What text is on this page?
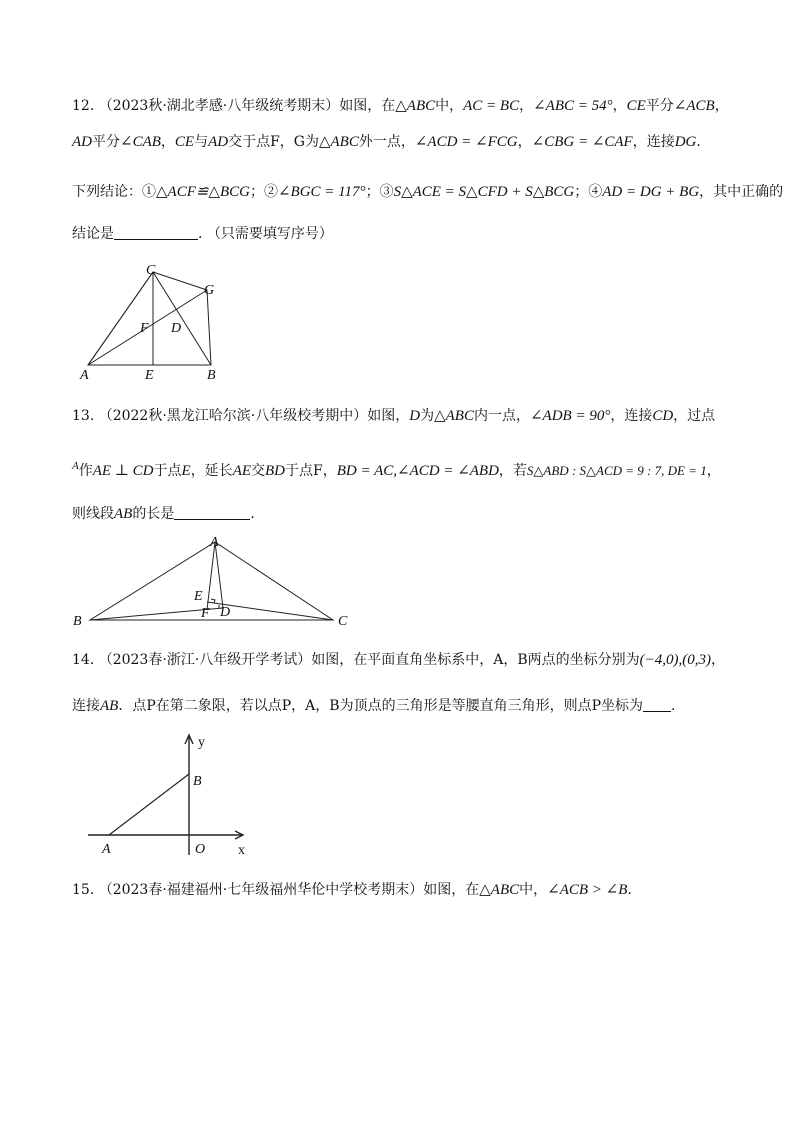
12. （2023秋·湖北孝感·八年级统考期末）如图，在△ABC中，AC = BC，∠ABC = 54°，CE平分∠ACB，
AD平分∠CAB，CE与AD交于点F，G为△ABC外一点，∠ACD = ∠FCG，∠CBG = ∠CAF，连接DG.
下列结论：①△ACF≌△BCG；②∠BGC = 117°；③S△ACE = S△CFD + S△BCG；④AD = DG + BG，其中正确的
结论是	. （只需要填写序号）
C
G
F D
A	E	B
13. （2022秋·黑龙江哈尔滨·八年级校考期中）如图，D为△ABC内一点，∠ADB = 90°，连接CD，过点
$^A$作AE ⊥ CD于点E，延长AE交BD于点F，BD = AC,∠ACD = ∠ABD，若S△ABD : S△ACD = 9 : 7, DE = 1，
则线段AB的长是	.
A
E
F D
B	C
14. （2023春·浙江·八年级开学考试）如图，在平面直角坐标系中，A，B两点的坐标分别为(−4,0),(0,3)，
连接AB．点P在第二象限，若以点P，A，B为顶点的三角形是等腰直角三角形，则点P坐标为 .
y
x
B
A	O
15. （2023春·福建福州·七年级福州华伦中学校考期末）如图，在△ABC中，∠ACB > ∠B.
